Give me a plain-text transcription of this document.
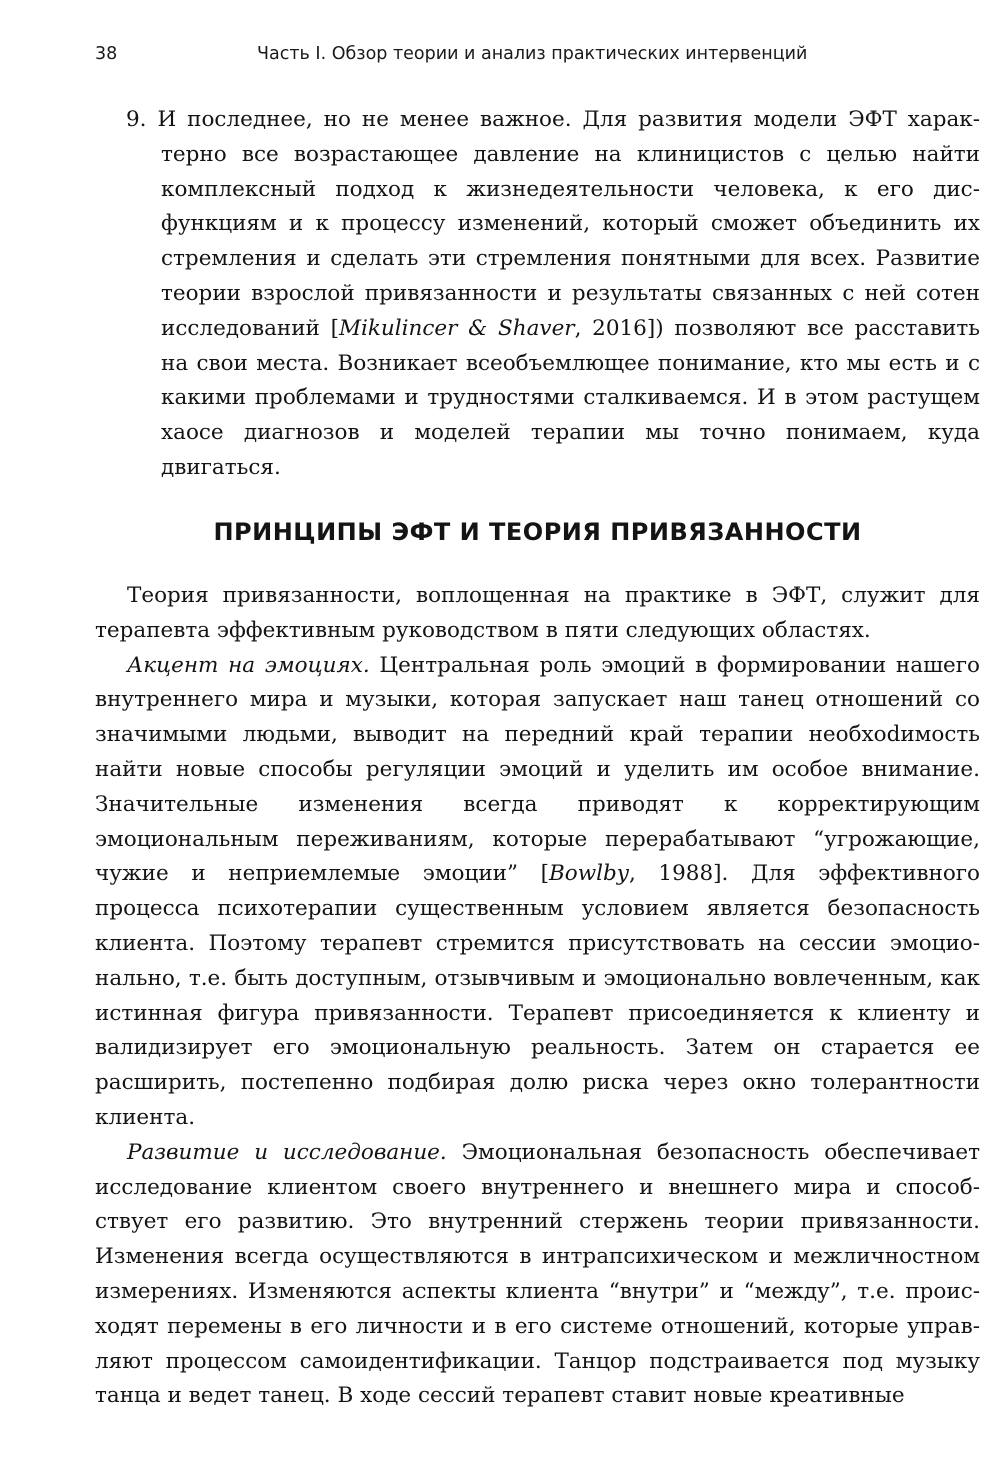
38	Часть I. Обзор теории и анализ практических интервенций

9. И последнее, но не менее важное. Для развития модели ЭФТ характерно все возрастающее давление на клиницистов с целью найти комплексный подход к жизнедеятельности человека, к его дисфункциям и к процессу изменений, который сможет объединить их стремления и сделать эти стремления понятными для всех. Развитие теории взрослой привязанности и результаты связанных с ней сотен исследований [Mikulincer & Shaver, 2016]) позволяют все расставить на свои места. Возникает всеобъемлющее понимание, кто мы есть и с какими проблемами и трудностями сталкиваемся. И в этом растущем хаосе диагнозов и моделей терапии мы точно понимаем, куда двигаться.

ПРИНЦИПЫ ЭФТ И ТЕОРИЯ ПРИВЯЗАННОСТИ

Теория привязанности, воплощенная на практике в ЭФТ, служит для терапевта эффективным руководством в пяти следующих областях.

Акцент на эмоциях. Центральная роль эмоций в формировании нашего внутреннего мира и музыки, которая запускает наш танец отношений со значимыми людьми, выводит на передний край терапии необхоdимость найти новые способы регуляции эмоций и уделить им особое внимание. Значительные изменения всегда приводят к корректирующим эмоциональным переживаниям, которые перерабатывают “угрожающие, чужие и неприемлемые эмоции” [Bowlby, 1988]. Для эффективного процесса психотерапии существенным условием является безопасность клиента. Поэтому терапевт стремится присутствовать на сессии эмоционально, т.е. быть доступным, отзывчивым и эмоционально вовлеченным, как истинная фигура привязанности. Терапевт присоединяется к клиенту и валидизирует его эмоциональную реальность. Затем он старается ее расширить, постепенно подбирая долю риска через окно толерантности клиента.

Развитие и исследование. Эмоциональная безопасность обеспечивает исследование клиентом своего внутреннего и внешнего мира и способствует его развитию. Это внутренний стержень теории привязанности. Изменения всегда осуществляются в интрапсихическом и межличностном измерениях. Изменяются аспекты клиента “внутри” и “между”, т.е. происходят перемены в его личности и в его системе отношений, которые управляют процессом самоидентификации. Танцор подстраивается под музыку танца и ведет танец. В ходе сессий терапевт ставит новые креативные
